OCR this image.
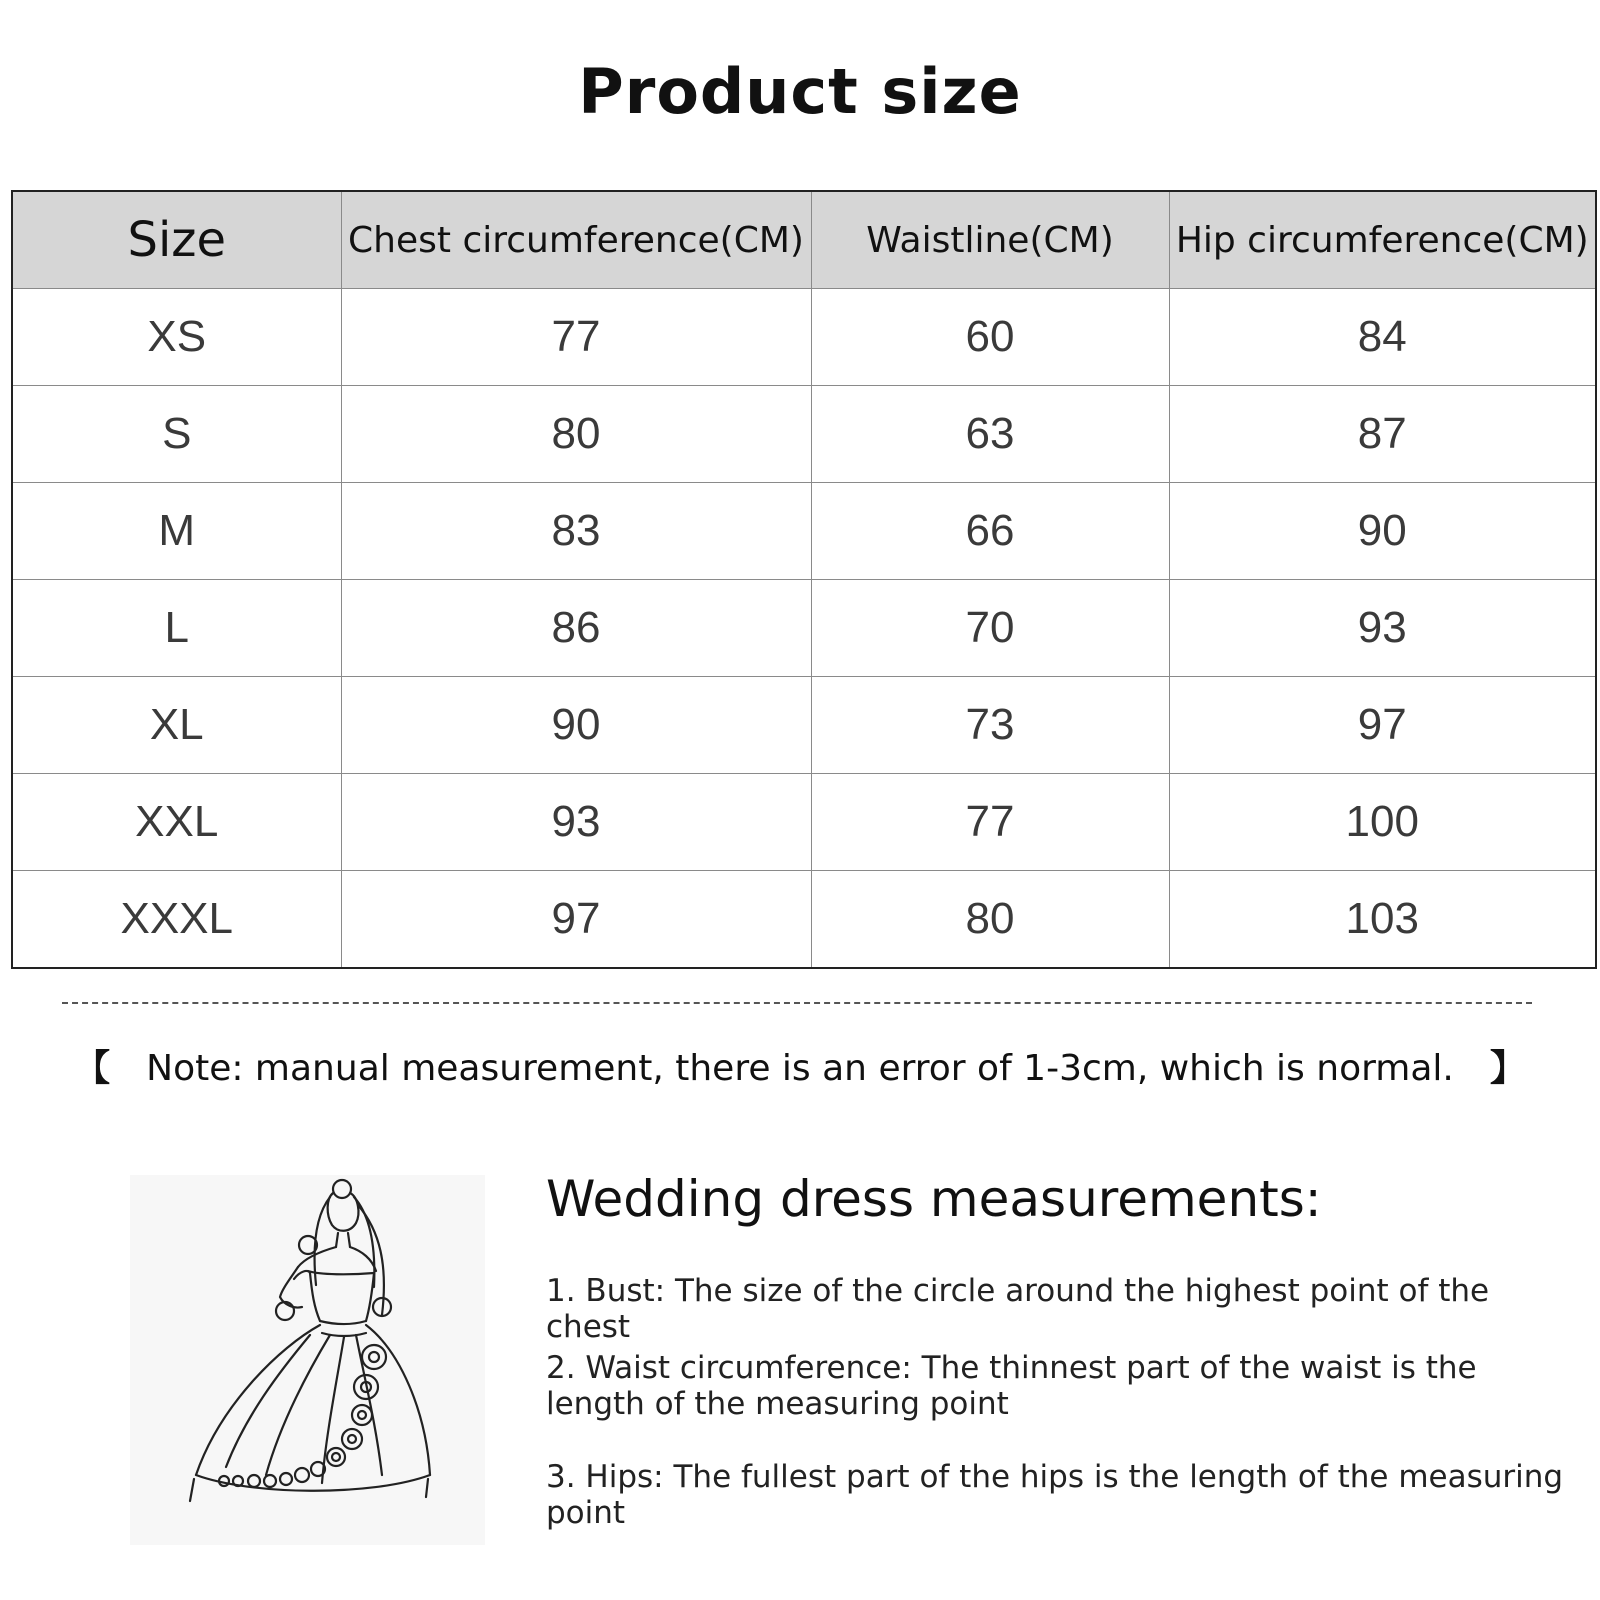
Product size
Size	Chest circumference(CM)	Waistline(CM)	Hip circumference(CM)
XS	77	60	84
S	80	63	87
M	83	66	90
L	86	70	93
XL	90	73	97
XXL	93	77	100
XXXL	97	80	103
【 Note: manual measurement, there is an error of 1-3cm, which is normal. 】
Wedding dress measurements:
1. Bust: The size of the circle around the highest point of the chest
2. Waist circumference: The thinnest part of the waist is the length of the measuring point
3. Hips: The fullest part of the hips is the length of the measuring point
